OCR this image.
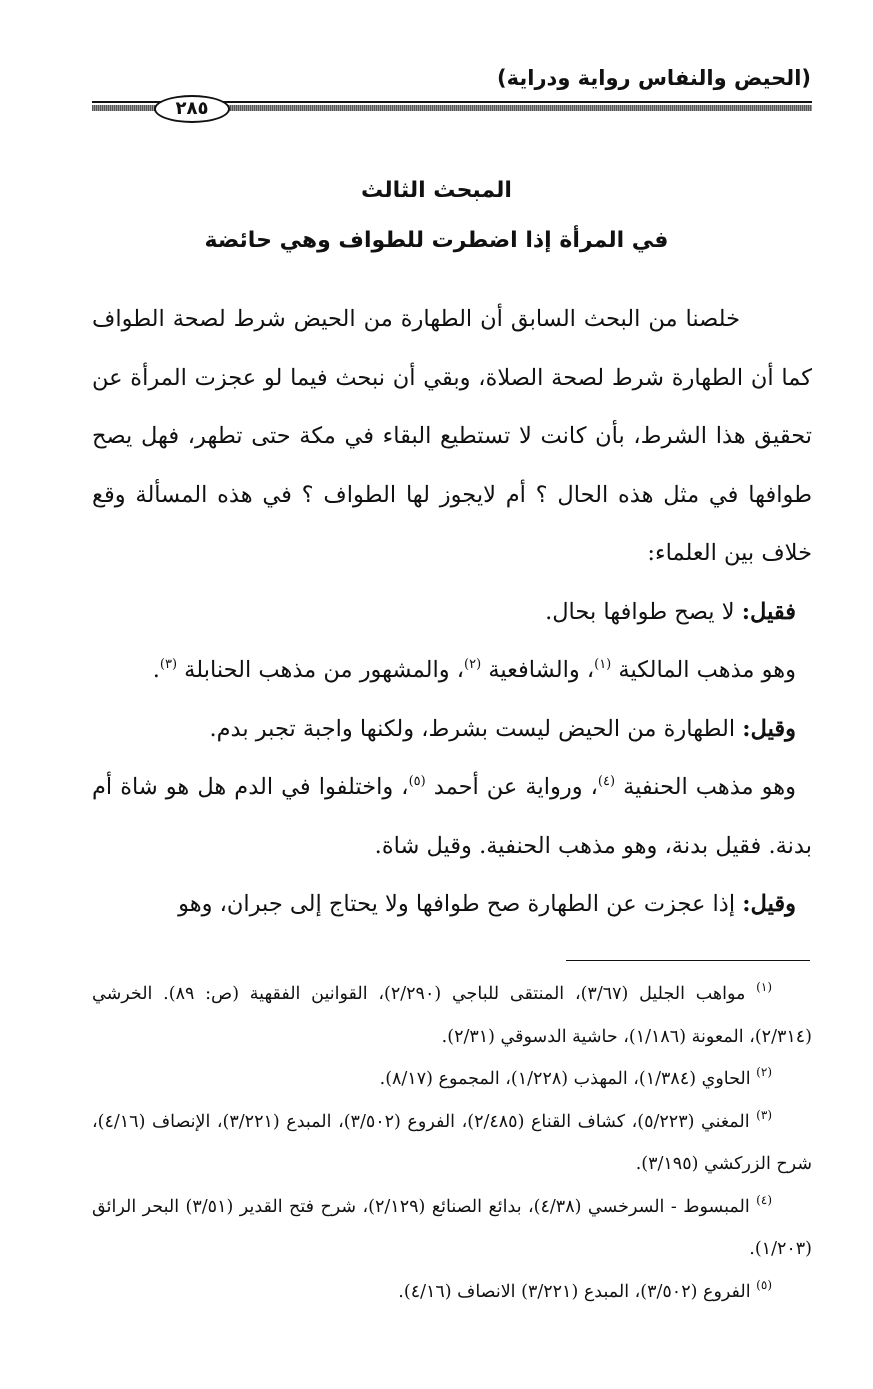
(الحيض والنفاس رواية ودراية)
٢٨٥
المبحث الثالث
في المرأة إذا اضطرت للطواف وهي حائضة

خلصنا من البحث السابق أن الطهارة من الحيض شرط لصحة الطواف كما أن الطهارة شرط لصحة الصلاة، وبقي أن نبحث فيما لو عجزت المرأة عن تحقيق هذا الشرط، بأن كانت لا تستطيع البقاء في مكة حتى تطهر، فهل يصح طوافها في مثل هذه الحال ؟ أم لايجوز لها الطواف ؟ في هذه المسألة وقع خلاف بين العلماء:

فقيل: لا يصح طوافها بحال.

وهو مذهب المالكية $^{(١)}$، والشافعية $^{(٢)}$، والمشهور من مذهب الحنابلة $^{(٣)}$.

وقيل: الطهارة من الحيض ليست بشرط، ولكنها واجبة تجبر بدم.

وهو مذهب الحنفية $^{(٤)}$، ورواية عن أحمد $^{(٥)}$، واختلفوا في الدم هل هو شاة أم بدنة. فقيل بدنة، وهو مذهب الحنفية. وقيل شاة.

وقيل: إذا عجزت عن الطهارة صح طوافها ولا يحتاج إلى جبران، وهو

$^{(١)}$ مواهب الجليل (٣/٦٧)، المنتقى للباجي (٢/٢٩٠)، القوانين الفقهية (ص: ٨٩). الخرشي (٢/٣١٤)، المعونة (١/١٨٦)، حاشية الدسوقي (٢/٣١).

$^{(٢)}$ الحاوي (١/٣٨٤)، المهذب (١/٢٢٨)، المجموع (٨/١٧).

$^{(٣)}$ المغني (٥/٢٢٣)، كشاف القناع (٢/٤٨٥)، الفروع (٣/٥٠٢)، المبدع (٣/٢٢١)، الإنصاف (٤/١٦)، شرح الزركشي (٣/١٩٥).

$^{(٤)}$ المبسوط - السرخسي (٤/٣٨)، بدائع الصنائع (٢/١٢٩)، شرح فتح القدير (٣/٥١) البحر الرائق (١/٢٠٣).

$^{(٥)}$ الفروع (٣/٥٠٢)، المبدع (٣/٢٢١) الانصاف (٤/١٦).
